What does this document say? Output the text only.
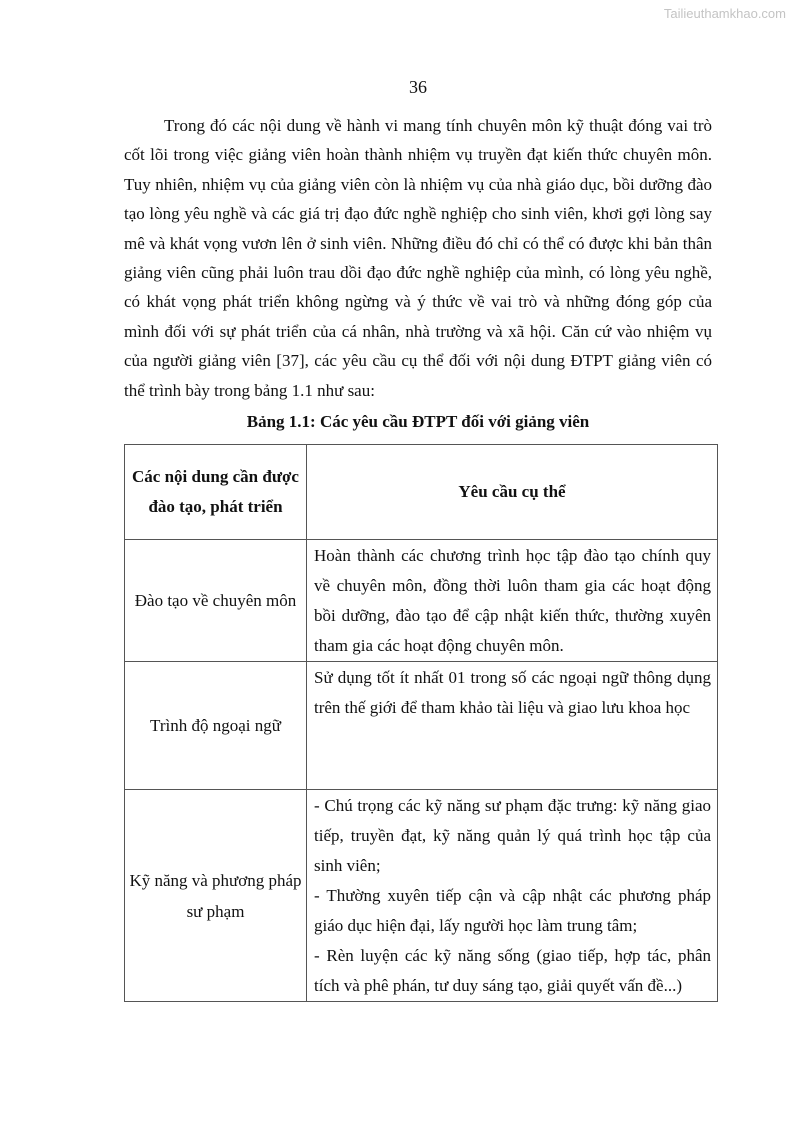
Tailieuthamkhao.com
36

Trong đó các nội dung về hành vi mang tính chuyên môn kỹ thuật đóng vai trò cốt lõi trong việc giảng viên hoàn thành nhiệm vụ truyền đạt kiến thức chuyên môn. Tuy nhiên, nhiệm vụ của giảng viên còn là nhiệm vụ của nhà giáo dục, bồi dưỡng đào tạo lòng yêu nghề và các giá trị đạo đức nghề nghiệp cho sinh viên, khơi gợi lòng say mê và khát vọng vươn lên ở sinh viên. Những điều đó chỉ có thể có được khi bản thân giảng viên cũng phải luôn trau dồi đạo đức nghề nghiệp của mình, có lòng yêu nghề, có khát vọng phát triển không ngừng và ý thức về vai trò và những đóng góp của mình đối với sự phát triển của cá nhân, nhà trường và xã hội. Căn cứ vào nhiệm vụ của người giảng viên [37], các yêu cầu cụ thể đối với nội dung ĐTPT giảng viên có thể trình bày trong bảng 1.1 như sau:

Bảng 1.1: Các yêu cầu ĐTPT đối với giảng viên
Các nội dung cần được đào tạo, phát triển	Yêu cầu cụ thể
Đào tạo về chuyên môn	Hoàn thành các chương trình học tập đào tạo chính quy về chuyên môn, đồng thời luôn tham gia các hoạt động bồi dưỡng, đào tạo để cập nhật kiến thức, thường xuyên tham gia các hoạt động chuyên môn.
Trình độ ngoại ngữ	Sử dụng tốt ít nhất 01 trong số các ngoại ngữ thông dụng trên thế giới để tham khảo tài liệu và giao lưu khoa học
Kỹ năng và phương pháp sư phạm	- Chú trọng các kỹ năng sư phạm đặc trưng: kỹ năng giao tiếp, truyền đạt, kỹ năng quản lý quá trình học tập của sinh viên;
- Thường xuyên tiếp cận và cập nhật các phương pháp giáo dục hiện đại, lấy người học làm trung tâm;
- Rèn luyện các kỹ năng sống (giao tiếp, hợp tác, phân tích và phê phán, tư duy sáng tạo, giải quyết vấn đề...)
